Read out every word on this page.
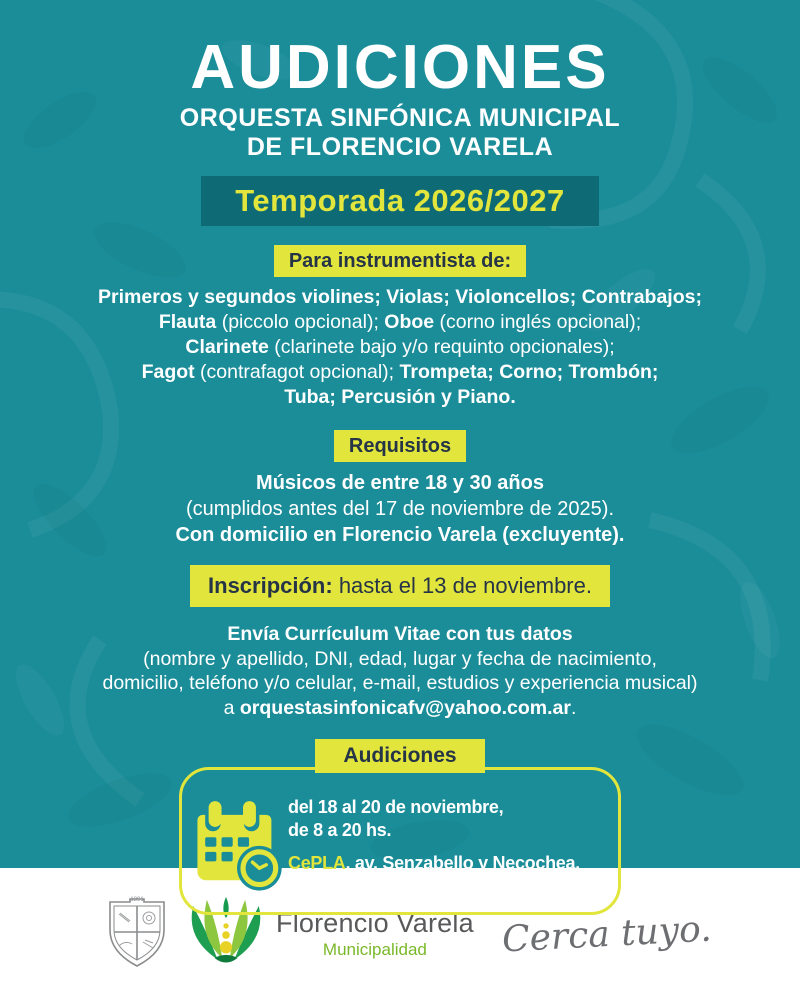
AUDICIONES
ORQUESTA SINFÓNICA MUNICIPAL
DE FLORENCIO VARELA
Temporada 2026/2027
Para instrumentista de:
Primeros y segundos violines; Violas; Violoncellos; Contrabajos;
Flauta (piccolo opcional); Oboe (corno inglés opcional);
Clarinete (clarinete bajo y/o requinto opcionales);
Fagot (contrafagot opcional); Trompeta; Corno; Trombón;
Tuba; Percusión y Piano.
Requisitos
Músicos de entre 18 y 30 años
(cumplidos antes del 17 de noviembre de 2025).
Con domicilio en Florencio Varela (excluyente).
Inscripción: hasta el 13 de noviembre.
Envía Currículum Vitae con tus datos
(nombre y apellido, DNI, edad, lugar y fecha de nacimiento,
domicilio, teléfono y/o celular, e-mail, estudios y experiencia musical)
a orquestasinfonicafv@yahoo.com.ar.
Audiciones
del 18 al 20 de noviembre,
de 8 a 20 hs.
CePLA, av. Senzabello y Necochea,
Bº Presidente Sarmiento.
1891
Florencio Varela
Municipalidad Cerca tuyo.
